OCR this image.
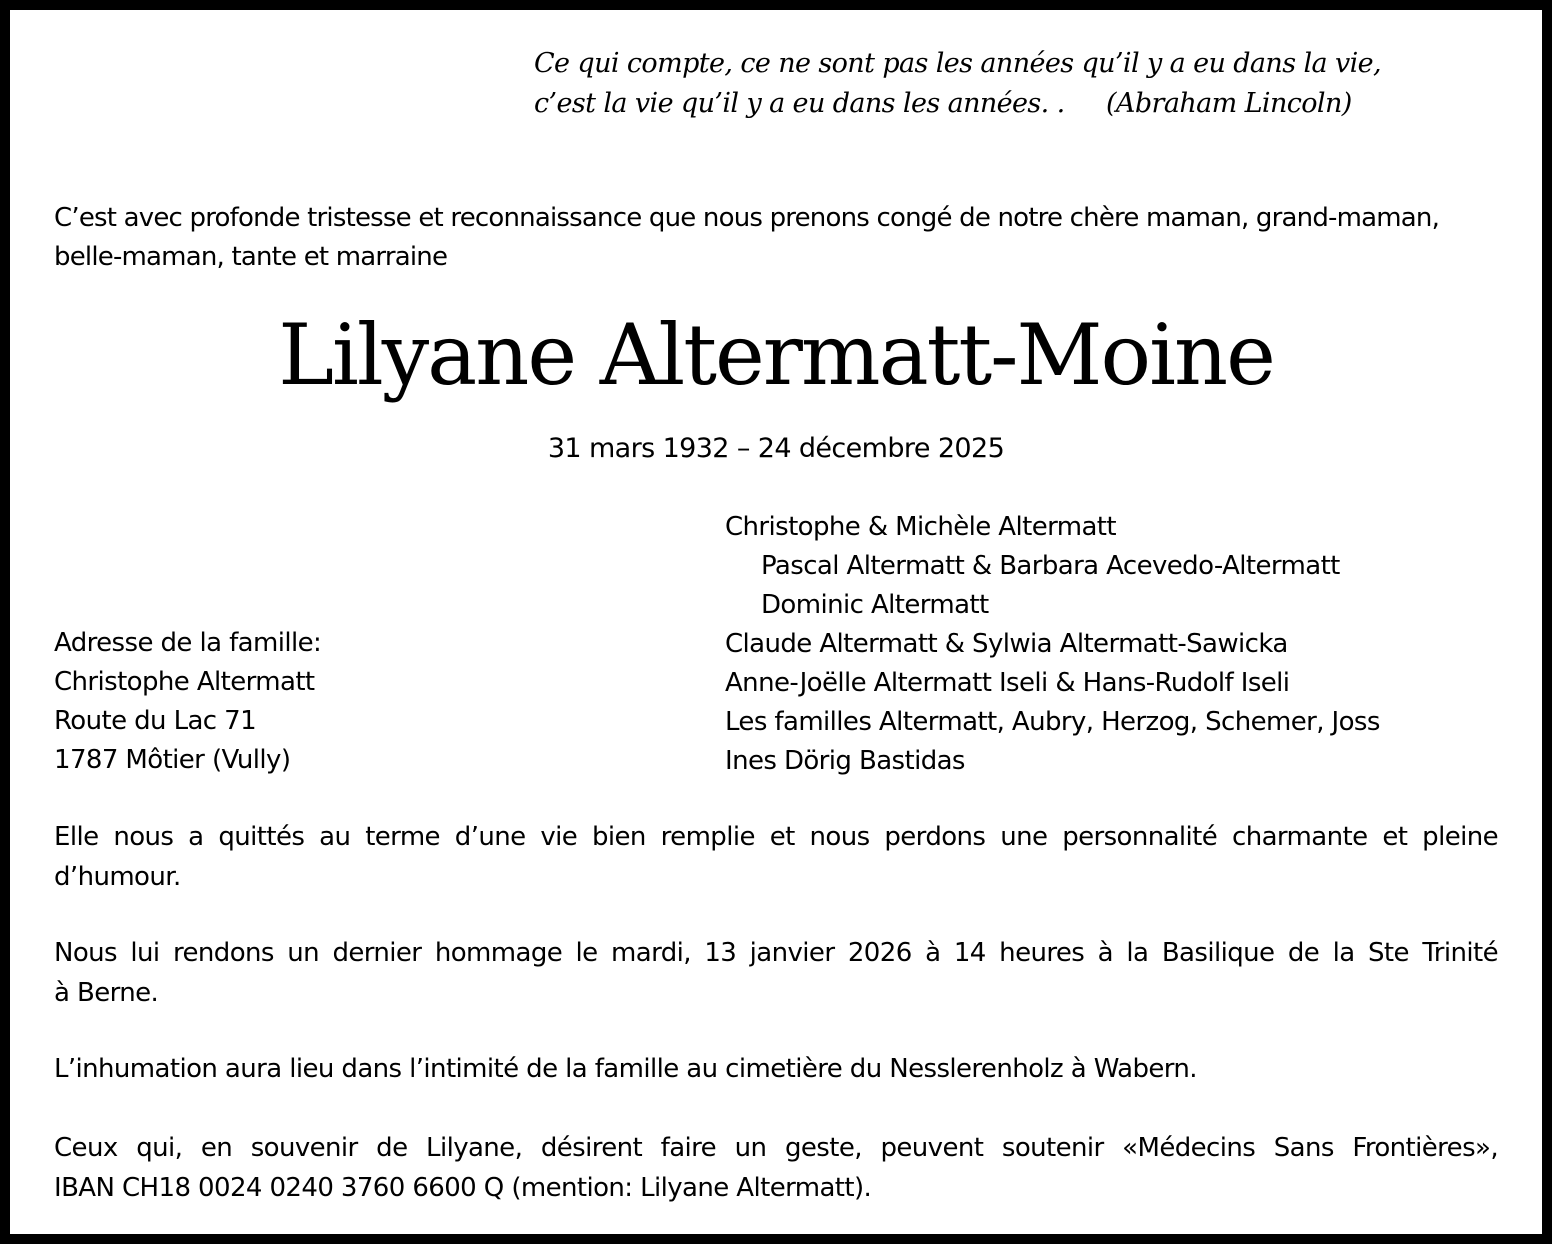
Ce qui compte, ce ne sont pas les années qu’il y a eu dans la vie,
c’est la vie qu’il y a eu dans les années. .	(Abraham Lincoln)
C’est avec profonde tristesse et reconnaissance que nous prenons congé de notre chère maman, grand-maman,
belle-maman, tante et marraine
Lilyane Altermatt-Moine
31 mars 1932 – 24 décembre 2025
Adresse de la famille:
Christophe Altermatt
Route du Lac 71
1787 Môtier (Vully)
Christophe & Michèle Altermatt
Pascal Altermatt & Barbara Acevedo-Altermatt
Dominic Altermatt
Claude Altermatt & Sylwia Altermatt-Sawicka
Anne-Joëlle Altermatt Iseli & Hans-Rudolf Iseli
Les familles Altermatt, Aubry, Herzog, Schemer, Joss
Ines Dörig Bastidas
Elle nous a quittés au terme d’une vie bien remplie et nous perdons une personnalité charmante et pleine
d’humour.
Nous lui rendons un dernier hommage le mardi, 13 janvier 2026 à 14 heures à la Basilique de la Ste Trinité
à Berne.
L’inhumation aura lieu dans l’intimité de la famille au cimetière du Nesslerenholz à Wabern.
Ceux qui, en souvenir de Lilyane, désirent faire un geste, peuvent soutenir «Médecins Sans Frontières»,
IBAN CH18 0024 0240 3760 6600 Q (mention: Lilyane Altermatt).
